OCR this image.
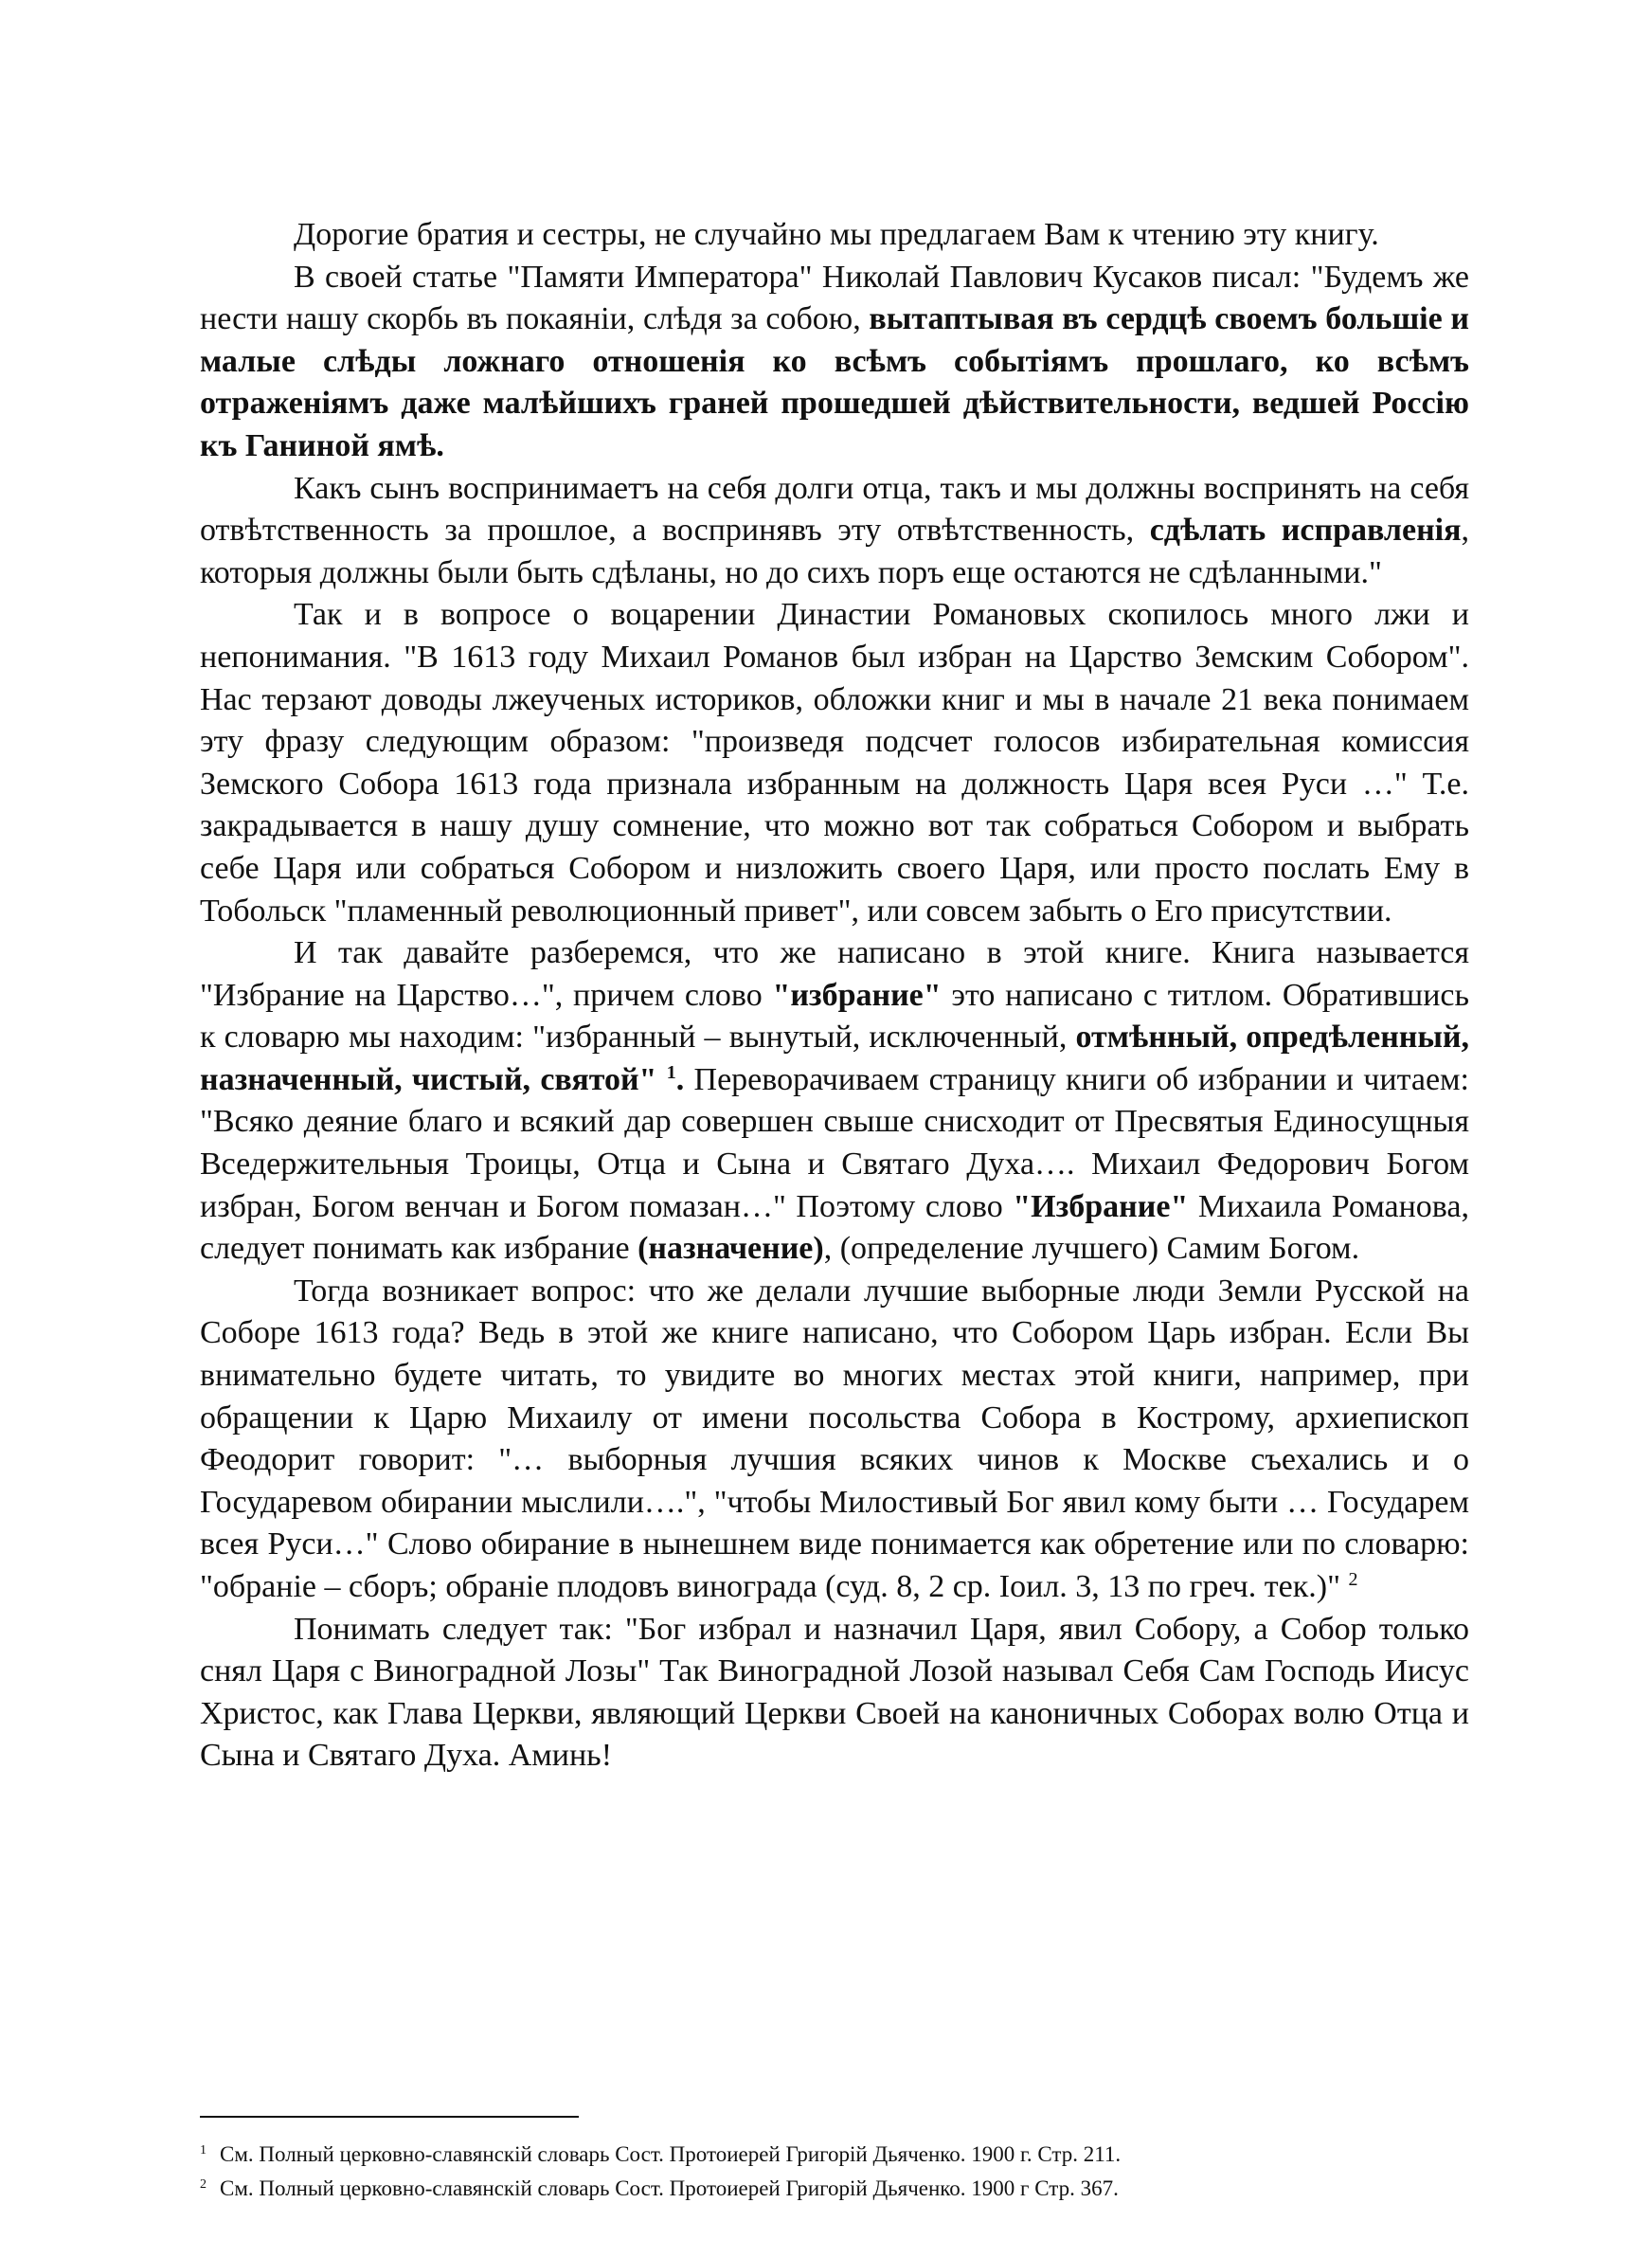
Дорогие братия и сестры, не случайно мы предлагаем Вам к чтению эту книгу.

В своей статье "Памяти Императора" Николай Павлович Кусаков писал: "Будемъ же нести нашу скорбь въ покаянiи, слѣдя за собою, вытаптывая въ сердцѣ своемъ большiе и малые слѣды ложнаго отношенiя ко всѣмъ событiямъ прошлаго, ко всѣмъ отраженiямъ даже малѣйшихъ граней прошедшей дѣйствительности, ведшей Россiю къ Ганиной ямѣ.

Какъ сынъ воспринимаетъ на себя долги отца, такъ и мы должны воспринять на себя отвѣтственность за прошлое, а воспринявъ эту отвѣтственность, сдѣлать исправленiя, которыя должны были быть сдѣланы, но до сихъ поръ еще остаются не сдѣланными."

Так и в вопросе о воцарении Династии Романовых скопилось много лжи и непонимания. "В 1613 году Михаил Романов был избран на Царство Земским Собором". Нас терзают доводы лжеученых историков, обложки книг и мы в начале 21 века понимаем эту фразу следующим образом: "произведя подсчет голосов избирательная комиссия Земского Собора 1613 года признала избранным на должность Царя всея Руси …" Т.е. закрадывается в нашу душу сомнение, что можно вот так собраться Собором и выбрать себе Царя или собраться Собором и низложить своего Царя, или просто послать Ему в Тобольск "пламенный революционный привет", или совсем забыть о Его присутствии.

И так давайте разберемся, что же написано в этой книге. Книга называется "Избрание на Царство…", причем слово "избрание" это написано с титлом. Обратившись к словарю мы находим: "избранный – вынутый, исключенный, отмѣнный, опредѣленный, назначенный, чистый, святой" $^1$. Переворачиваем страницу книги об избрании и читаем: "Всяко деяние благо и всякий дар совершен свыше снисходит от Пресвятыя Единосущныя Вседержительныя Троицы, Отца и Сына и Святаго Духа…. Михаил Федорович Богом избран, Богом венчан и Богом помазан…" Поэтому слово "Избрание" Михаила Романова, следует понимать как избрание (назначение), (определение лучшего) Самим Богом.

Тогда возникает вопрос: что же делали лучшие выборные люди Земли Русской на Соборе 1613 года? Ведь в этой же книге написано, что Собором Царь избран. Если Вы внимательно будете читать, то увидите во многих местах этой книги, например, при обращении к Царю Михаилу от имени посольства Собора в Кострому, архиепископ Феодорит говорит: "… выборныя лучшия всяких чинов к Москве съехались и о Государевом обирании мыслили….", "чтобы Милостивый Бог явил кому быти … Государем всея Руси…" Слово обирание в нынешнем виде понимается как обретение или по словарю: "обранiе – сборъ; обранiе плодовъ винограда (суд. 8, 2 ср. Iоил. 3, 13 по греч. тек.)" $^2$

Понимать следует так: "Бог избрал и назначил Царя, явил Собору, а Собор только снял Царя с Виноградной Лозы" Так Виноградной Лозой называл Себя Сам Господь Иисус Христос, как Глава Церкви, являющий Церкви Своей на каноничных Соборах волю Отца и Сына и Святаго Духа. Аминь!

$^1$ См. Полный церковно-славянскiй словарь Сост. Протоиерей Григорiй Дьяченко. 1900 г. Стр. 211.

$^2$ См. Полный церковно-славянскiй словарь Сост. Протоиерей Григорiй Дьяченко. 1900 г Стр. 367.
